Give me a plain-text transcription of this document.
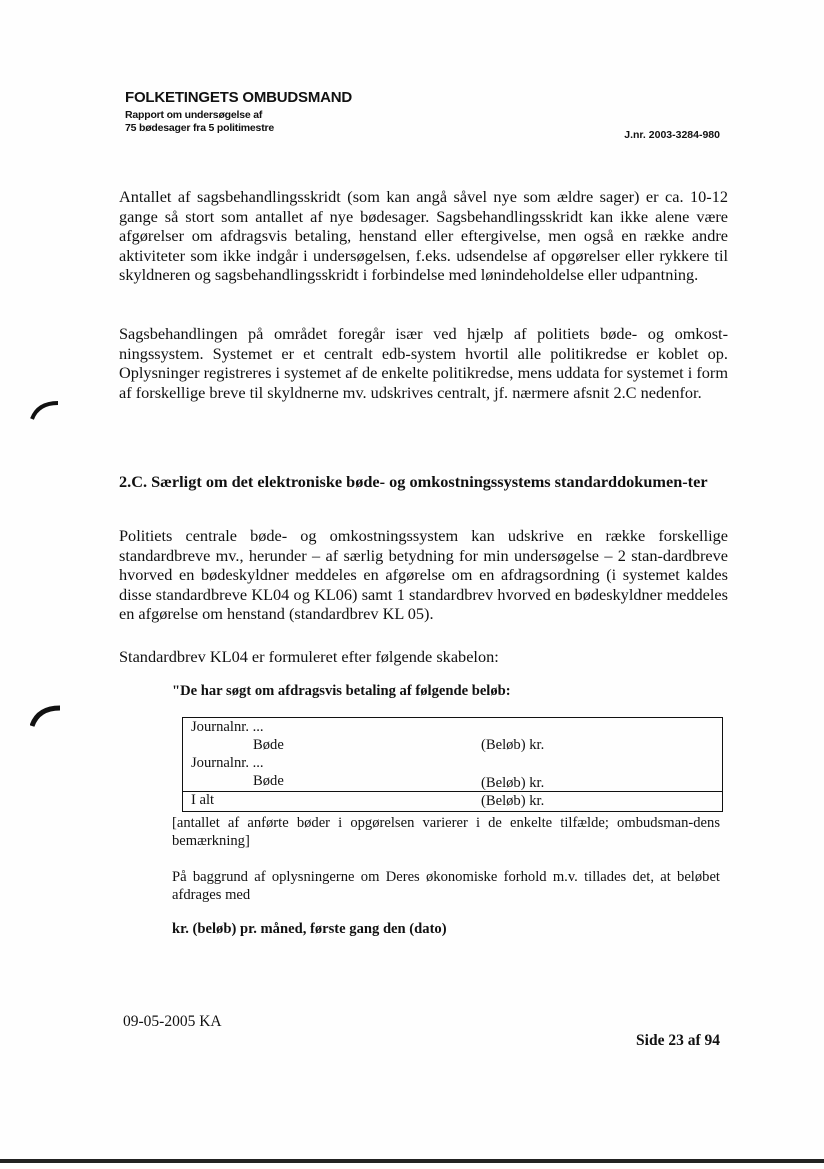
FOLKETINGETS OMBUDSMAND
Rapport om undersøgelse af
75 bødesager fra 5 politimestre
J.nr. 2003-3284-980
Antallet af sagsbehandlingsskridt (som kan angå såvel nye som ældre sager) er ca. 10-12 gange så stort som antallet af nye bødesager. Sagsbehandlingsskridt kan ikke alene være afgørelser om afdragsvis betaling, henstand eller eftergivelse, men også en række andre aktiviteter som ikke indgår i undersøgelsen, f.eks. udsendelse af opgørelser eller rykkere til skyldneren og sagsbehandlingsskridt i forbindelse med lønindeholdelse eller udpantning.
Sagsbehandlingen på området foregår især ved hjælp af politiets bøde- og omkost-ningssystem. Systemet er et centralt edb-system hvortil alle politikredse er koblet op. Oplysninger registreres i systemet af de enkelte politikredse, mens uddata for systemet i form af forskellige breve til skyldnerne mv. udskrives centralt, jf. nærmere afsnit 2.C nedenfor.
2.C. Særligt om det elektroniske bøde- og omkostningssystems standarddokumen-ter
Politiets centrale bøde- og omkostningssystem kan udskrive en række forskellige standardbreve mv., herunder – af særlig betydning for min undersøgelse – 2 stan-dardbreve hvorved en bødeskyldner meddeles en afgørelse om en afdragsordning (i systemet kaldes disse standardbreve KL04 og KL06) samt 1 standardbrev hvorved en bødeskyldner meddeles en afgørelse om henstand (standardbrev KL 05).
Standardbrev KL04 er formuleret efter følgende skabelon:
"De har søgt om afdragsvis betaling af følgende beløb:
Journalnr. ...
Bøde	(Beløb) kr.
Journalnr. ...
Bøde	(Beløb) kr.
I alt	(Beløb) kr.
[antallet af anførte bøder i opgørelsen varierer i de enkelte tilfælde; ombudsman-dens bemærkning]
På baggrund af oplysningerne om Deres økonomiske forhold m.v. tillades det, at beløbet afdrages med
kr. (beløb) pr. måned, første gang den (dato)
09-05-2005 KA
Side 23 af 94
